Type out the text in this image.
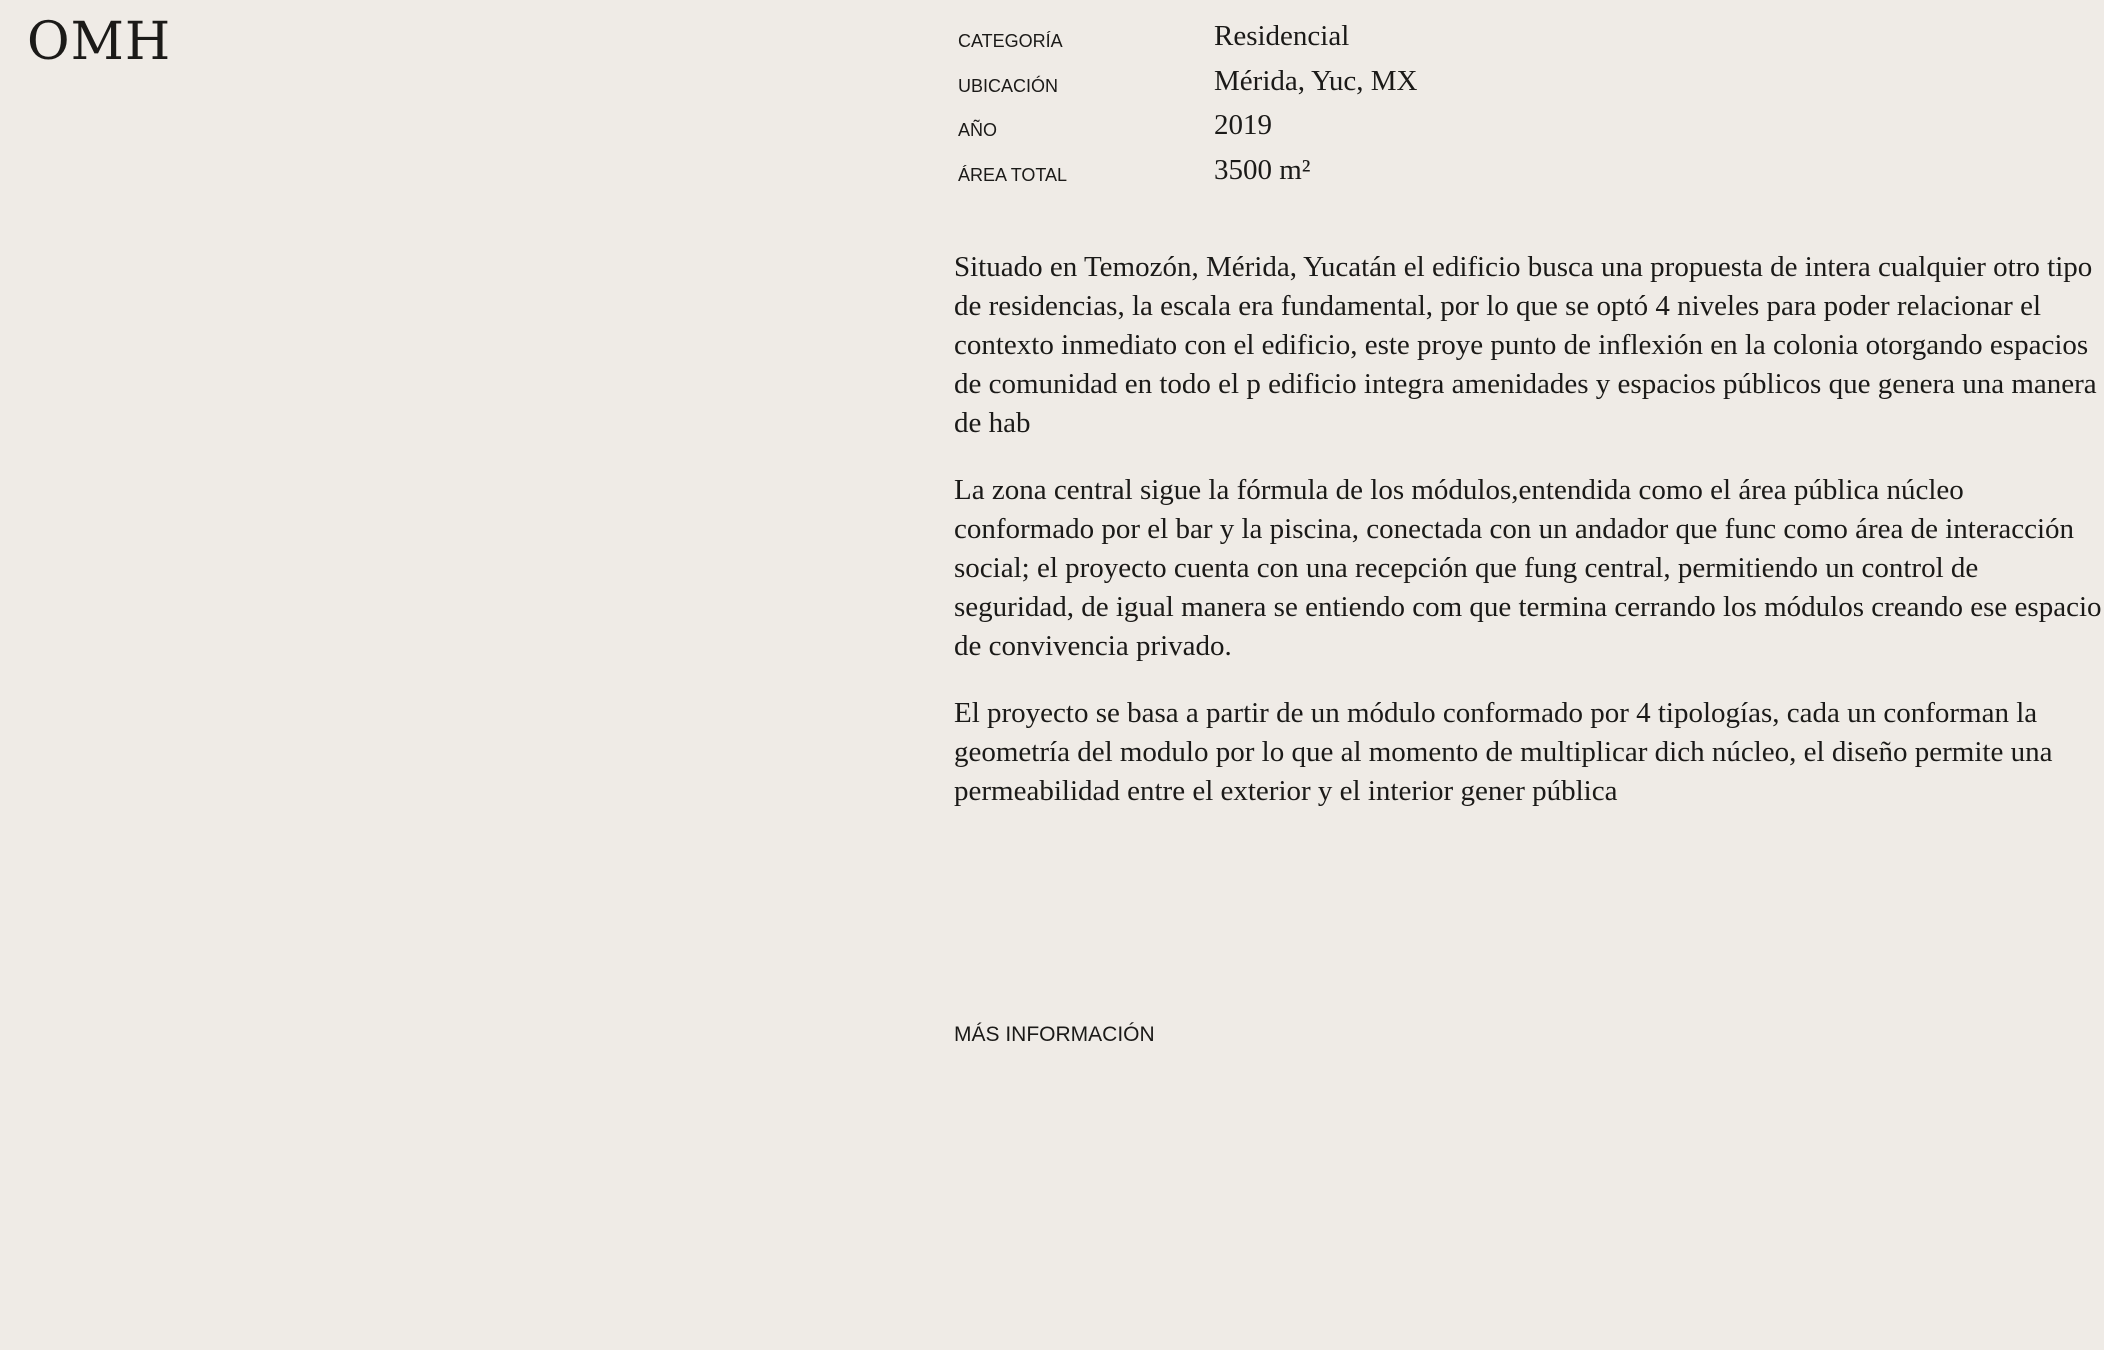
OMH	CATEGORÍA	Residencial
UBICACIÓN	Mérida, Yuc, MX
AÑO	2019
ÁREA TOTAL	3500 m²

Situado en Temozón, Mérida, Yucatán el edificio busca una propuesta de intera cualquier otro tipo de residencias, la escala era fundamental, por lo que se optó 4 niveles para poder relacionar el contexto inmediato con el edificio, este proye punto de inflexión en la colonia otorgando espacios de comunidad en todo el p edificio integra amenidades y espacios públicos que genera una manera de hab

La zona central sigue la fórmula de los módulos,entendida como el área pública núcleo conformado por el bar y la piscina, conectada con un andador que func como área de interacción social; el proyecto cuenta con una recepción que fung central, permitiendo un control de seguridad, de igual manera se entiendo com que termina cerrando los módulos creando ese espacio de convivencia privado.

El proyecto se basa a partir de un módulo conformado por 4 tipologías, cada un conforman la geometría del modulo por lo que al momento de multiplicar dich núcleo, el diseño permite una permeabilidad entre el exterior y el interior gener pública

MÁS INFORMACIÓN
